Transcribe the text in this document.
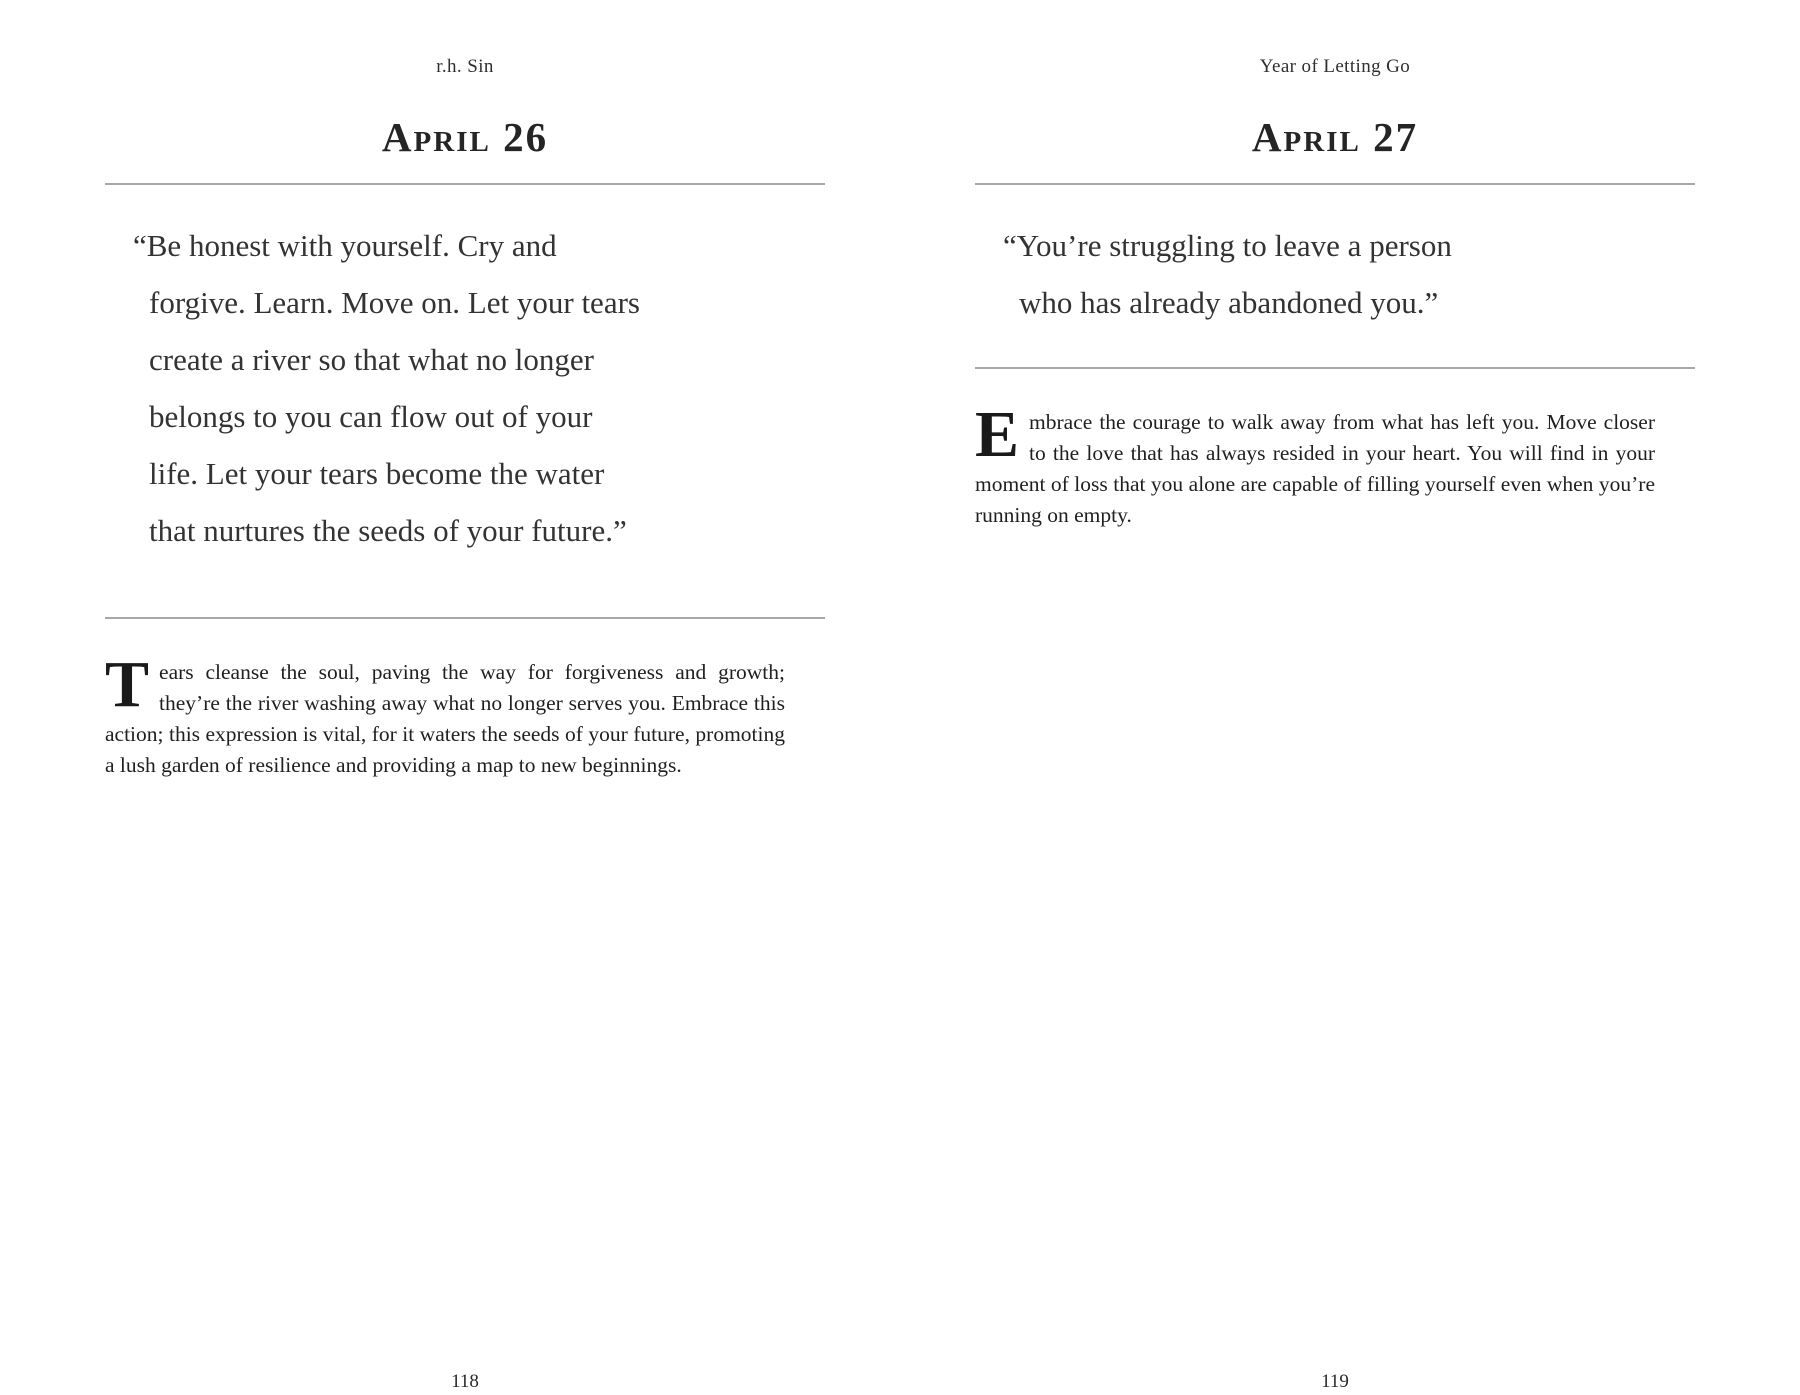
r.h. Sin
April 26
“Be honest with yourself. Cry and
forgive. Learn. Move on. Let your tears
create a river so that what no longer
belongs to you can flow out of your
life. Let your tears become the water
that nurtures the seeds of your future.”

Tears cleanse the soul, paving the way for forgiveness and growth; they’re the river washing away what no longer serves you. Embrace this action; this expression is vital, for it waters the seeds of your future, promoting a lush garden of resilience and providing a map to new beginnings.

118
Year of Letting Go
April 27
“You’re struggling to leave a person
who has already abandoned you.”

Embrace the courage to walk away from what has left you. Move closer to the love that has always resided in your heart. You will find in your moment of loss that you alone are capable of filling yourself even when you’re running on empty.

119
